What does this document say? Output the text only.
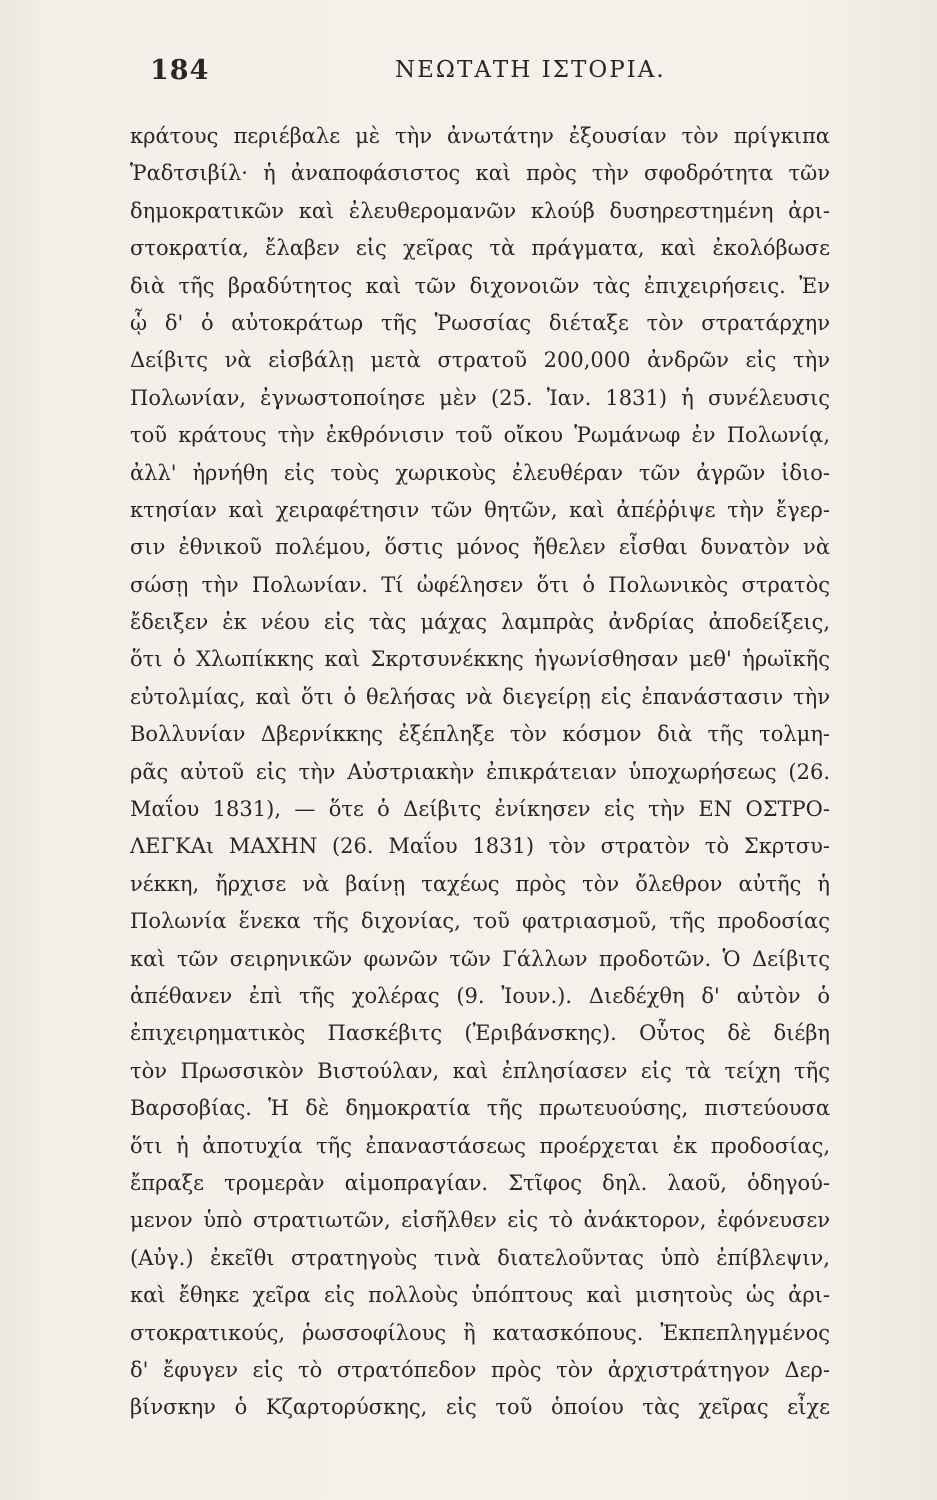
184	ΝΕΩΤΑΤΗ ΙΣΤΟΡΙΑ.
κράτους περιέβαλε μὲ τὴν ἀνωτάτην ἐξουσίαν τὸν πρίγκιπα
Ῥαδτσιβίλ· ἡ ἀναποφάσιστος καὶ πρὸς τὴν σφοδρότητα τῶν
δημοκρατικῶν καὶ ἐλευθερομανῶν κλούβ δυσηρεστημένη ἀρι-
στοκρατία, ἔλαβεν εἰς χεῖρας τὰ πράγματα, καὶ ἐκολόβωσε
διὰ τῆς βραδύτητος καὶ τῶν διχονοιῶν τὰς ἐπιχειρήσεις. Ἐν
ᾧ δ' ὁ αὐτοκράτωρ τῆς Ῥωσσίας διέταξε τὸν στρατάρχην
Δείβιτς νὰ εἰσβάλῃ μετὰ στρατοῦ 200,000 ἀνδρῶν εἰς τὴν
Πολωνίαν, ἐγνωστοποίησε μὲν (25. Ἰαν. 1831) ἡ συνέλευσις
τοῦ κράτους τὴν ἐκθρόνισιν τοῦ οἴκου Ῥωμάνωφ ἐν Πολωνίᾳ,
ἀλλ' ἠρνήθη εἰς τοὺς χωρικοὺς ἐλευθέραν τῶν ἀγρῶν ἰδιο-
κτησίαν καὶ χειραφέτησιν τῶν θητῶν, καὶ ἀπέῤῥιψε τὴν ἔγερ-
σιν ἐθνικοῦ πολέμου, ὅστις μόνος ἤθελεν εἶσθαι δυνατὸν νὰ
σώσῃ τὴν Πολωνίαν. Τί ὠφέλησεν ὅτι ὁ Πολωνικὸς στρατὸς
ἔδειξεν ἐκ νέου εἰς τὰς μάχας λαμπρὰς ἀνδρίας ἀποδείξεις,
ὅτι ὁ Χλωπίκκης καὶ Σκρτσυνέκκης ἠγωνίσθησαν μεθ' ἡρωϊκῆς
εὐτολμίας, καὶ ὅτι ὁ θελήσας νὰ διεγείρῃ εἰς ἐπανάστασιν τὴν
Βολλυνίαν Δβερνίκκης ἐξέπληξε τὸν κόσμον διὰ τῆς τολμη-
ρᾶς αὐτοῦ εἰς τὴν Αὐστριακὴν ἐπικράτειαν ὑποχωρήσεως (26.
Μαΐου 1831), — ὅτε ὁ Δείβιτς ἐνίκησεν εἰς τὴν ΕΝ ΟΣΤΡΟ-
ΛΕΓΚΑι ΜΑΧΗΝ (26. Μαΐου 1831) τὸν στρατὸν τὸ Σκρτσυ-
νέκκη, ἤρχισε νὰ βαίνῃ ταχέως πρὸς τὸν ὄλεθρον αὐτῆς ἡ
Πολωνία ἕνεκα τῆς διχονίας, τοῦ φατριασμοῦ, τῆς προδοσίας
καὶ τῶν σειρηνικῶν φωνῶν τῶν Γάλλων προδοτῶν. Ὁ Δείβιτς
ἀπέθανεν ἐπὶ τῆς χολέρας (9. Ἰουν.). Διεδέχθη δ' αὐτὸν ὁ
ἐπιχειρηματικὸς Πασκέβιτς (Ἐριβάνσκης). Οὗτος δὲ διέβη
τὸν Πρωσσικὸν Βιστούλαν, καὶ ἐπλησίασεν εἰς τὰ τείχη τῆς
Βαρσοβίας. Ἡ δὲ δημοκρατία τῆς πρωτευούσης, πιστεύουσα
ὅτι ἡ ἀποτυχία τῆς ἐπαναστάσεως προέρχεται ἐκ προδοσίας,
ἔπραξε τρομερὰν αἱμοπραγίαν. Στῖφος δηλ. λαοῦ, ὁδηγού-
μενον ὑπὸ στρατιωτῶν, εἰσῆλθεν εἰς τὸ ἀνάκτορον, ἐφόνευσεν
(Αὐγ.) ἐκεῖθι στρατηγοὺς τινὰ διατελοῦντας ὑπὸ ἐπίβλεψιν,
καὶ ἔθηκε χεῖρα εἰς πολλοὺς ὑπόπτους καὶ μισητοὺς ὡς ἀρι-
στοκρατικούς, ῥωσσοφίλους ἢ κατασκόπους. Ἐκπεπληγμένος
δ' ἔφυγεν εἰς τὸ στρατόπεδον πρὸς τὸν ἀρχιστράτηγον Δερ-
βίνσκην ὁ Κζαρτορύσκης, εἰς τοῦ ὁποίου τὰς χεῖρας εἶχε
